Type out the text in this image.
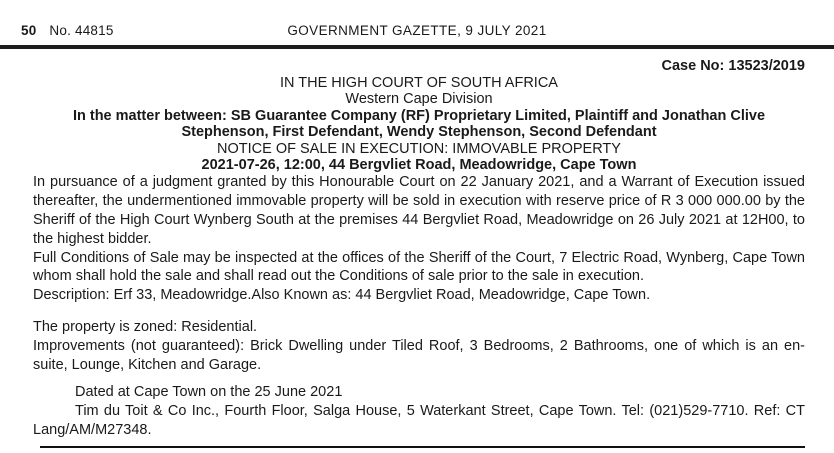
50 No. 44815	GOVERNMENT GAZETTE, 9 JULY 2021
Case No: 13523/2019
IN THE HIGH COURT OF SOUTH AFRICA
Western Cape Division
In the matter between: SB Guarantee Company (RF) Proprietary Limited, Plaintiff and Jonathan Clive Stephenson, First Defendant, Wendy Stephenson, Second Defendant
NOTICE OF SALE IN EXECUTION: IMMOVABLE PROPERTY
2021-07-26, 12:00, 44 Bergvliet Road, Meadowridge, Cape Town

In pursuance of a judgment granted by this Honourable Court on 22 January 2021, and a Warrant of Execution issued thereafter, the undermentioned immovable property will be sold in execution with reserve price of R 3 000 000.00 by the Sheriff of the High Court Wynberg South at the premises 44 Bergvliet Road, Meadowridge on 26 July 2021 at 12H00, to the highest bidder.

Full Conditions of Sale may be inspected at the offices of the Sheriff of the Court, 7 Electric Road, Wynberg, Cape Town whom shall hold the sale and shall read out the Conditions of sale prior to the sale in execution.

Description: Erf 33, Meadowridge.Also Known as: 44 Bergvliet Road, Meadowridge, Cape Town.

The property is zoned: Residential.

Improvements (not guaranteed): Brick Dwelling under Tiled Roof, 3 Bedrooms, 2 Bathrooms, one of which is an en-suite, Lounge, Kitchen and Garage.

Dated at Cape Town on the 25 June 2021

Tim du Toit & Co Inc., Fourth Floor, Salga House, 5 Waterkant Street, Cape Town. Tel: (021)529-7710. Ref: CT Lang/AM/M27348.
